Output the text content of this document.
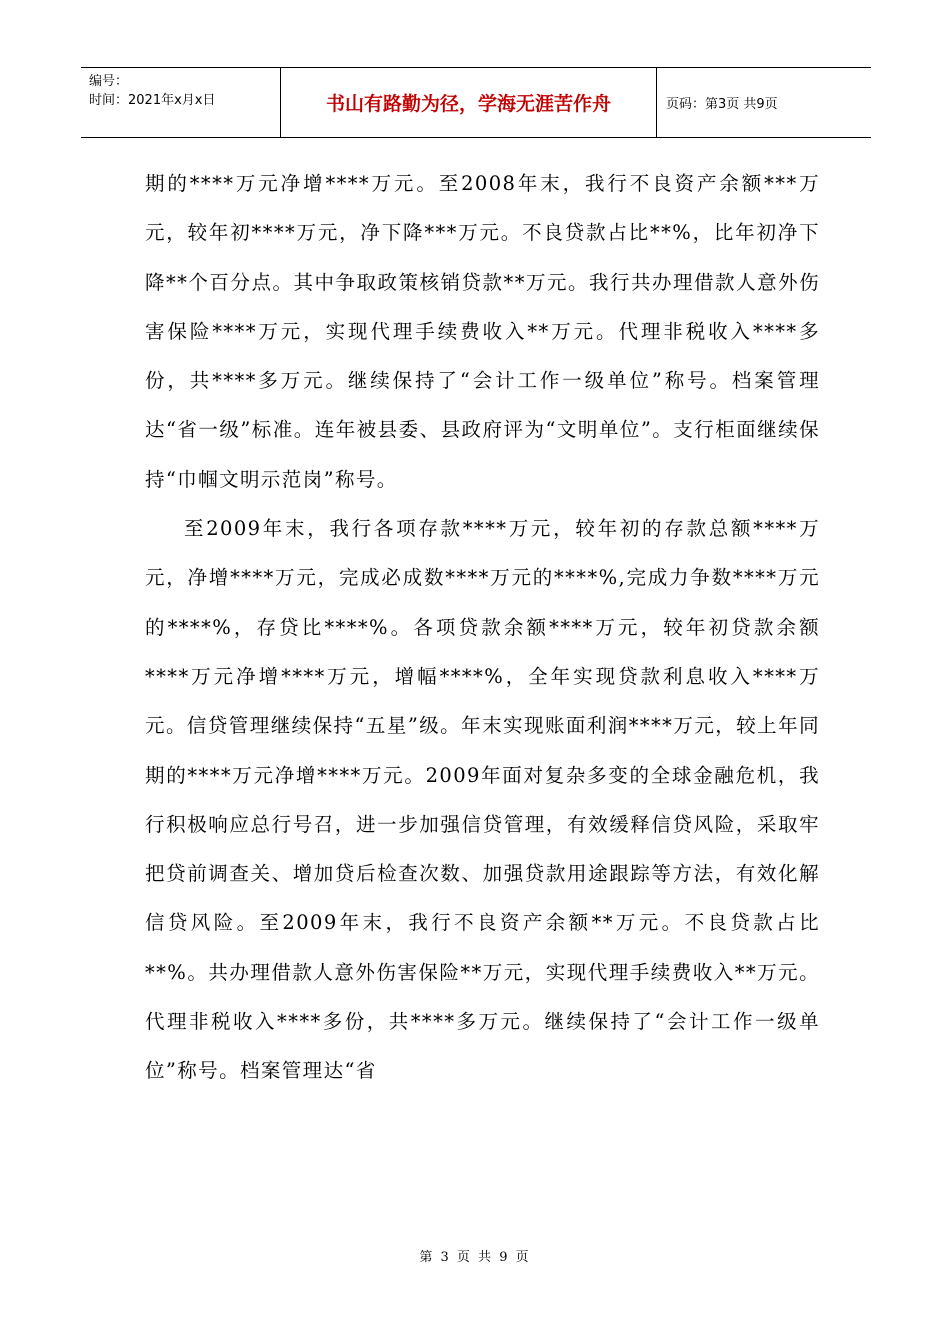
编号：
时间：2021年x月x日	书山有路勤为径，学海无涯苦作舟	页码：第3页 共9页

期的****万元净增****万元。至2008年末，我行不良资产余额***万元，较年初****万元，净下降***万元。不良贷款占比**%，比年初净下降**个百分点。其中争取政策核销贷款**万元。我行共办理借款人意外伤害保险****万元，实现代理手续费收入**万元。代理非税收入****多份，共****多万元。继续保持了“会计工作一级单位”称号。档案管理达“省一级”标准。连年被县委、县政府评为“文明单位”。支行柜面继续保持“巾帼文明示范岗”称号。

至2009年末，我行各项存款****万元，较年初的存款总额****万元，净增****万元，完成必成数****万元的****%,完成力争数****万元的****%，存贷比****%。各项贷款余额****万元，较年初贷款余额****万元净增****万元，增幅****%，全年实现贷款利息收入****万元。信贷管理继续保持“五星”级。年末实现账面利润****万元，较上年同期的****万元净增****万元。2009年面对复杂多变的全球金融危机，我行积极响应总行号召，进一步加强信贷管理，有效缓释信贷风险，采取牢把贷前调查关、增加贷后检查次数、加强贷款用途跟踪等方法，有效化解信贷风险。至2009年末，我行不良资产余额**万元。不良贷款占比**%。共办理借款人意外伤害保险**万元，实现代理手续费收入**万元。代理非税收入****多份，共****多万元。继续保持了“会计工作一级单位”称号。档案管理达“省

第 3 页 共 9 页
